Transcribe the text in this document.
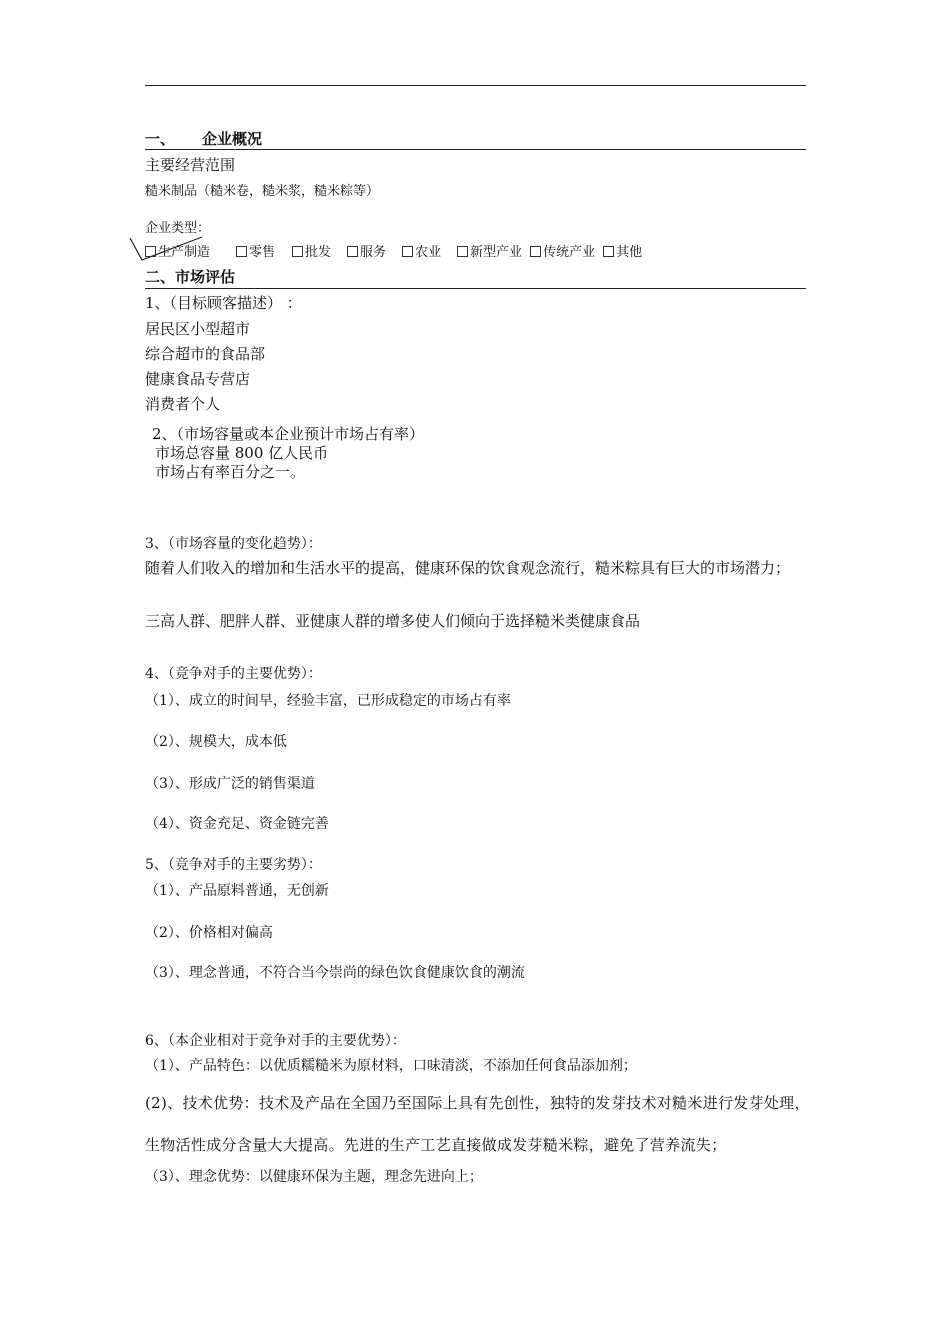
一、 企业概况
主要经营范围
糙米制品（糙米卷，糙米浆，糙米粽等）
企业类型：
生产制造	零售 批发 服务 农业 新型产业 传统产业 其他
二、市场评估
1、（目标顾客描述） ：
居民区小型超市
综合超市的食品部
健康食品专营店
消费者个人
2、（市场容量或本企业预计市场占有率）
市场总容量 800 亿人民币
市场占有率百分之一。
3、（市场容量的变化趋势）：
随着人们收入的增加和生活水平的提高，健康环保的饮食观念流行，糙米粽具有巨大的市场潜力；
三高人群、肥胖人群、亚健康人群的增多使人们倾向于选择糙米类健康食品
4、（竞争对手的主要优势）：
（1）、成立的时间早，经验丰富，已形成稳定的市场占有率
（2）、规模大，成本低
（3）、形成广泛的销售渠道
（4）、资金充足、资金链完善
5、（竞争对手的主要劣势）：
（1）、产品原料普通，无创新
（2）、价格相对偏高
（3）、理念普通，不符合当今崇尚的绿色饮食健康饮食的潮流
6、（本企业相对于竞争对手的主要优势）：
（1）、产品特色：以优质糯糙米为原材料，口味清淡，不添加任何食品添加剂；
(2)、技术优势：技术及产品在全国乃至国际上具有先创性，独特的发芽技术对糙米进行发芽处理，生物活性成分含量大大提高。先进的生产工艺直接做成发芽糙米粽，避免了营养流失；
（3）、理念优势：以健康环保为主题，理念先进向上；
